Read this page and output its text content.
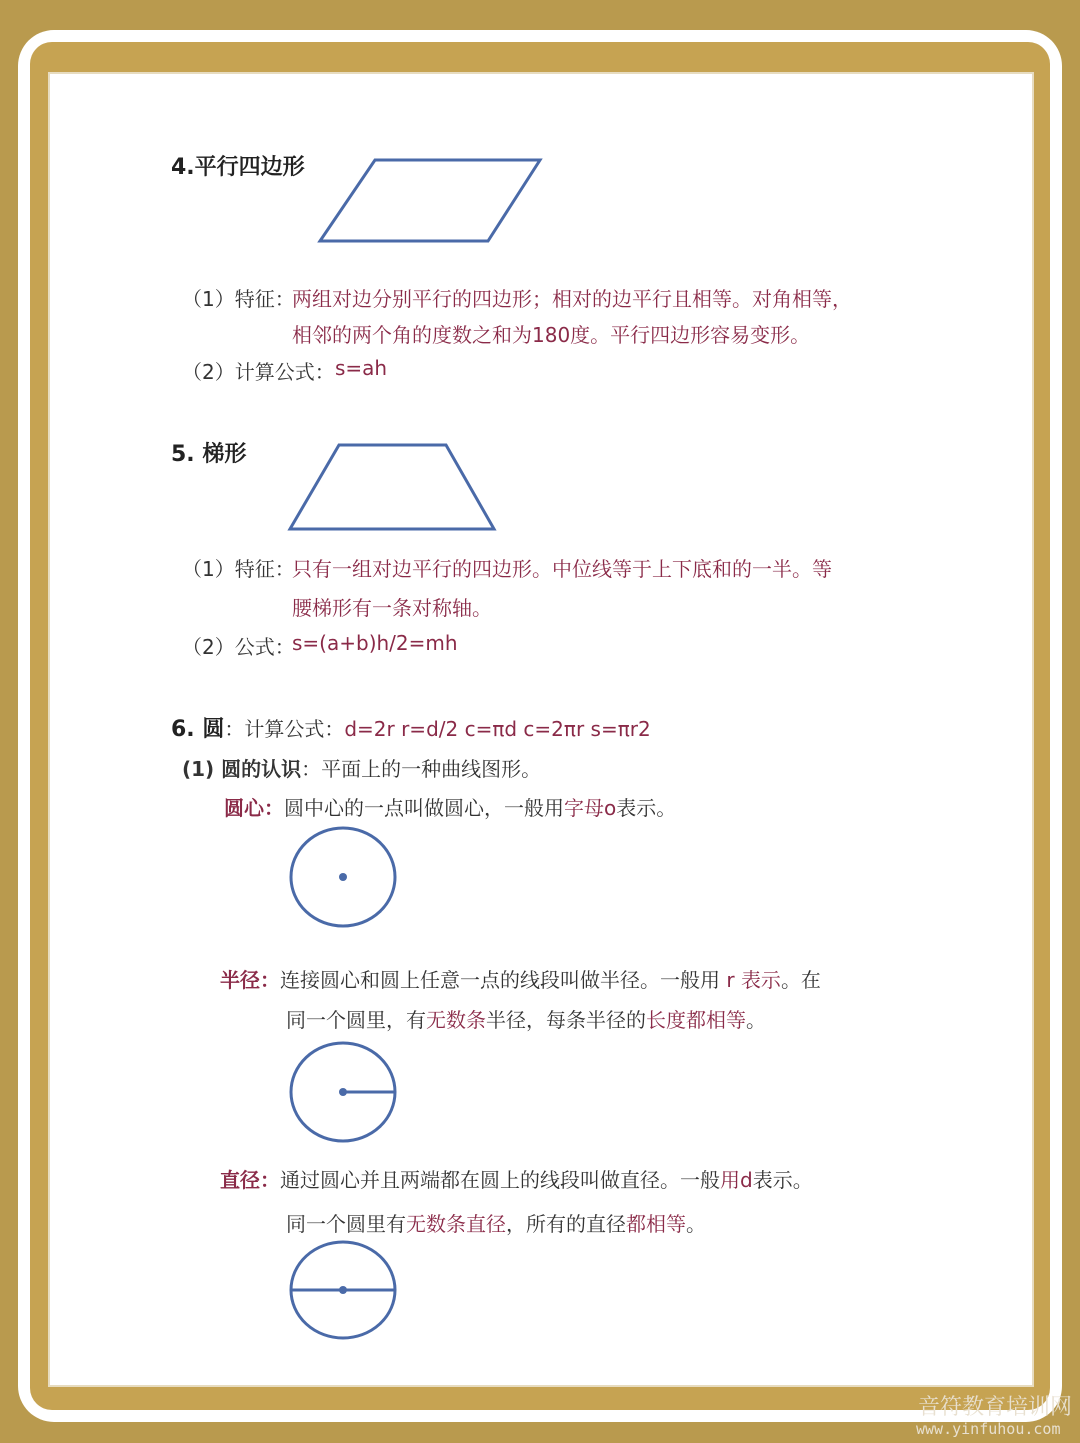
4.平行四边形
（1）特征：
两组对边分别平行的四边形；相对的边平行且相等。对角相等，
相邻的两个角的度数之和为180度。平行四边形容易变形。
（2）计算公式： s=ah
5. 梯形
（1）特征：
只有一组对边平行的四边形。中位线等于上下底和的一半。等
腰梯形有一条对称轴。
（2）公式：
s=(a+b)h/2=mh
6. 圆：计算公式：d=2r r=d/2 c=πd c=2πr s=πr2
(1) 圆的认识：平面上的一种曲线图形。
圆心：圆中心的一点叫做圆心，一般用字母o表示。
半径：连接圆心和圆上任意一点的线段叫做半径。一般用 r 表示。在
同一个圆里，有无数条半径，每条半径的长度都相等。
直径：通过圆心并且两端都在圆上的线段叫做直径。一般用d表示。
同一个圆里有无数条直径，所有的直径都相等。
音符教育培训网
www.yinfuhou.com
